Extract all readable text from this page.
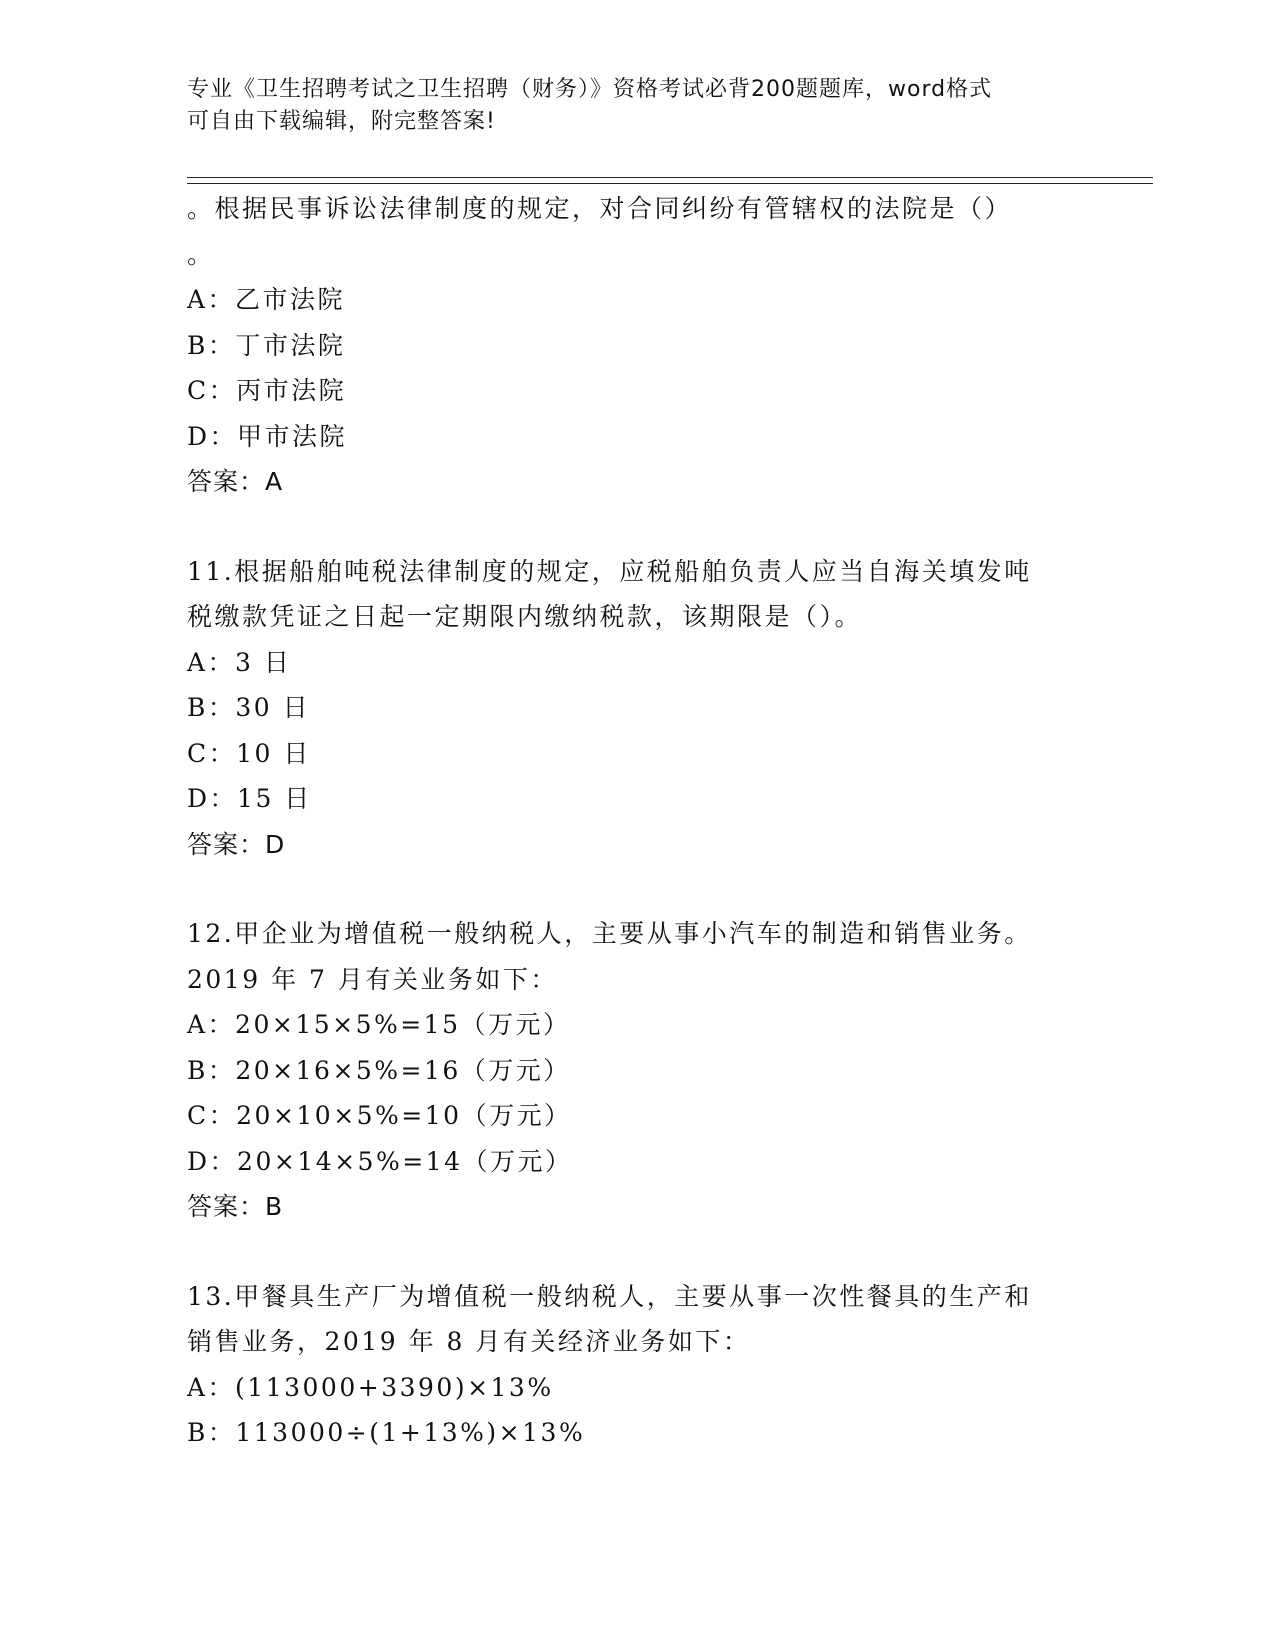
专业《卫生招聘考试之卫生招聘（财务）》资格考试必背200题题库，word格式
可自由下载编辑，附完整答案!
。根据民事诉讼法律制度的规定，对合同纠纷有管辖权的法院是（）
。
A：乙市法院
B：丁市法院
C：丙市法院
D：甲市法院
答案：A
11.根据船舶吨税法律制度的规定，应税船舶负责人应当自海关填发吨
税缴款凭证之日起一定期限内缴纳税款，该期限是（）。
A：3 日
B：30 日
C：10 日
D：15 日
答案：D
12.甲企业为增值税一般纳税人，主要从事小汽车的制造和销售业务。
2019 年 7 月有关业务如下：
A：20×15×5%=15（万元）
B：20×16×5%=16（万元）
C：20×10×5%=10（万元）
D：20×14×5%=14（万元）
答案：B
13.甲餐具生产厂为增值税一般纳税人，主要从事一次性餐具的生产和
销售业务，2019 年 8 月有关经济业务如下：
A：(113000+3390)×13%
B：113000÷(1+13%)×13%
